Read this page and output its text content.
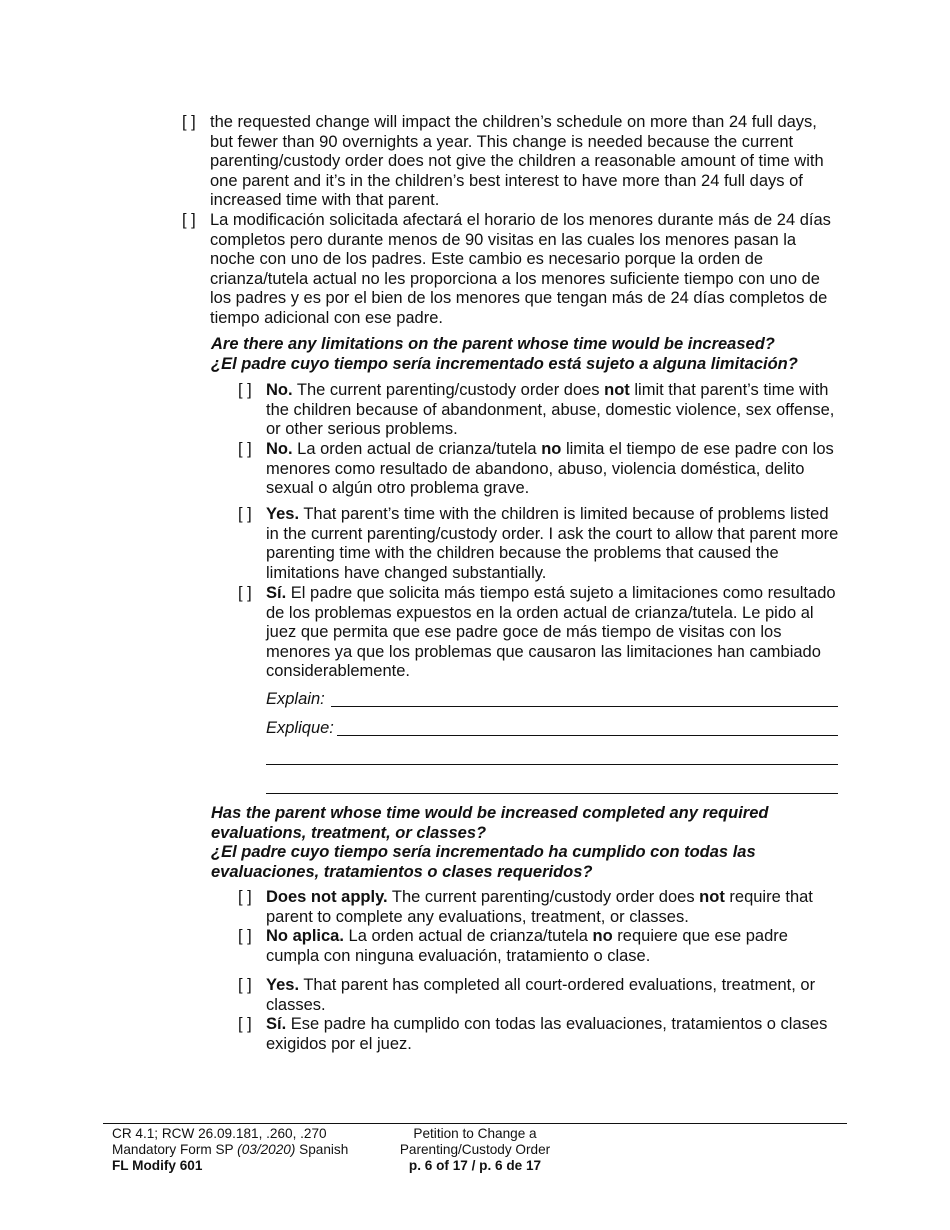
[ ] the requested change will impact the children’s schedule on more than 24 full days, but fewer than 90 overnights a year. This change is needed because the current parenting/custody order does not give the children a reasonable amount of time with one parent and it’s in the children’s best interest to have more than 24 full days of increased time with that parent.
[ ] La modificación solicitada afectará el horario de los menores durante más de 24 días completos pero durante menos de 90 visitas en las cuales los menores pasan la noche con uno de los padres. Este cambio es necesario porque la orden de crianza/tutela actual no les proporciona a los menores suficiente tiempo con uno de los padres y es por el bien de los menores que tengan más de 24 días completos de tiempo adicional con ese padre.
Are there any limitations on the parent whose time would be increased?
¿El padre cuyo tiempo sería incrementado está sujeto a alguna limitación?
[ ] No. The current parenting/custody order does not limit that parent’s time with the children because of abandonment, abuse, domestic violence, sex offense, or other serious problems.
[ ] No. La orden actual de crianza/tutela no limita el tiempo de ese padre con los menores como resultado de abandono, abuso, violencia doméstica, delito sexual o algún otro problema grave.
[ ] Yes. That parent’s time with the children is limited because of problems listed in the current parenting/custody order. I ask the court to allow that parent more parenting time with the children because the problems that caused the limitations have changed substantially.
[ ] Sí. El padre que solicita más tiempo está sujeto a limitaciones como resultado de los problemas expuestos en la orden actual de crianza/tutela. Le pido al juez que permita que ese padre goce de más tiempo de visitas con los menores ya que los problemas que causaron las limitaciones han cambiado considerablemente.
Explain:
Explique:
Has the parent whose time would be increased completed any required evaluations, treatment, or classes?
¿El padre cuyo tiempo sería incrementado ha cumplido con todas las evaluaciones, tratamientos o clases requeridos?
[ ] Does not apply. The current parenting/custody order does not require that parent to complete any evaluations, treatment, or classes.
[ ] No aplica. La orden actual de crianza/tutela no requiere que ese padre cumpla con ninguna evaluación, tratamiento o clase.
[ ] Yes. That parent has completed all court-ordered evaluations, treatment, or classes.
[ ] Sí. Ese padre ha cumplido con todas las evaluaciones, tratamientos o clases exigidos por el juez.
CR 4.1; RCW 26.09.181, .260, .270
Mandatory Form SP (03/2020) Spanish
FL Modify 601
Petition to Change a
Parenting/Custody Order
p. 6 of 17 / p. 6 de 17
